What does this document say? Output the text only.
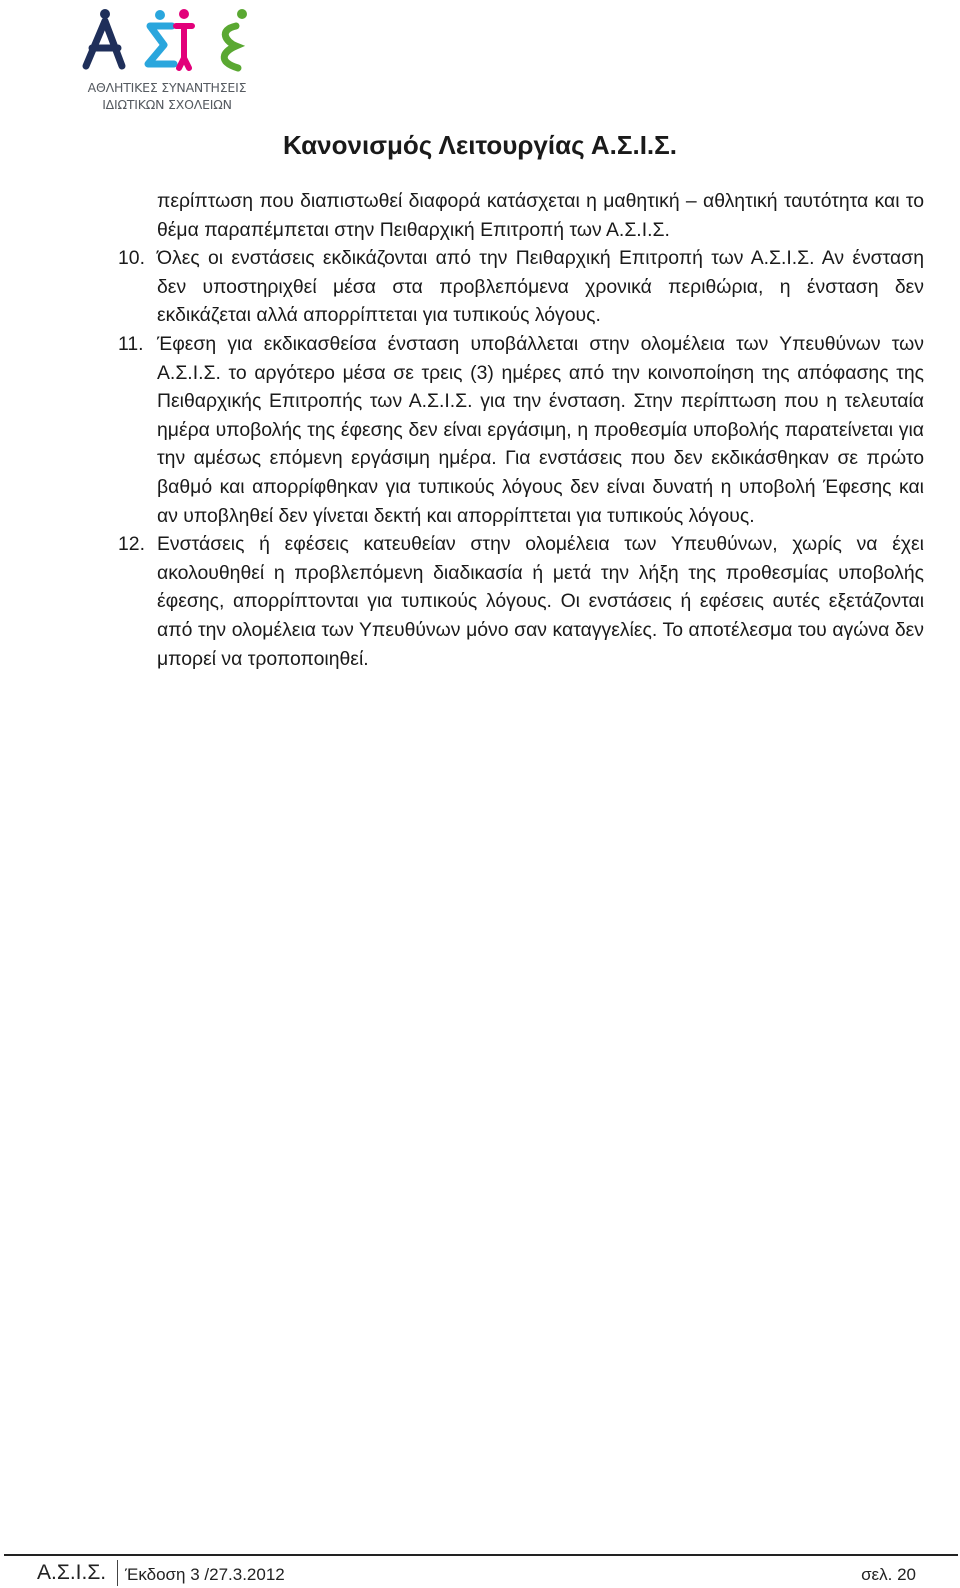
ΑΘΛΗΤΙΚΕΣ ΣΥΝΑΝΤΗΣΕΙΣ
ΙΔΙΩΤΙΚΩΝ ΣΧΟΛΕΙΩΝ
Κανονισμός Λειτουργίας Α.Σ.Ι.Σ.

περίπτωση που διαπιστωθεί διαφορά κατάσχεται η μαθητική – αθλητική ταυτότητα και το θέμα παραπέμπεται στην Πειθαρχική Επιτροπή των Α.Σ.Ι.Σ.

10. Όλες οι ενστάσεις εκδικάζονται από την Πειθαρχική Επιτροπή των Α.Σ.Ι.Σ. Αν ένσταση δεν υποστηριχθεί μέσα στα προβλεπόμενα χρονικά περιθώρια, η ένσταση δεν εκδικάζεται αλλά απορρίπτεται για τυπικούς λόγους.
11. Έφεση για εκδικασθείσα ένσταση υποβάλλεται στην ολομέλεια των Υπευθύνων των Α.Σ.Ι.Σ. το αργότερο μέσα σε τρεις (3) ημέρες από την κοινοποίηση της απόφασης της Πειθαρχικής Επιτροπής των Α.Σ.Ι.Σ. για την ένσταση. Στην περίπτωση που η τελευταία ημέρα υποβολής της έφεσης δεν είναι εργάσιμη, η προθεσμία υποβολής παρατείνεται για την αμέσως επόμενη εργάσιμη ημέρα. Για ενστάσεις που δεν εκδικάσθηκαν σε πρώτο βαθμό και απορρίφθηκαν για τυπικούς λόγους δεν είναι δυνατή η υποβολή Έφεσης και αν υποβληθεί δεν γίνεται δεκτή και απορρίπτεται για τυπικούς λόγους.
12. Ενστάσεις ή εφέσεις κατευθείαν στην ολομέλεια των Υπευθύνων, χωρίς να έχει ακολουθηθεί η προβλεπόμενη διαδικασία ή μετά την λήξη της προθεσμίας υποβολής έφεσης, απορρίπτονται για τυπικούς λόγους. Οι ενστάσεις ή εφέσεις αυτές εξετάζονται από την ολομέλεια των Υπευθύνων μόνο σαν καταγγελίες. Το αποτέλεσμα του αγώνα δεν μπορεί να τροποποιηθεί.
Α.Σ.Ι.Σ. Έκδοση 3 /27.3.2012	σελ. 20
